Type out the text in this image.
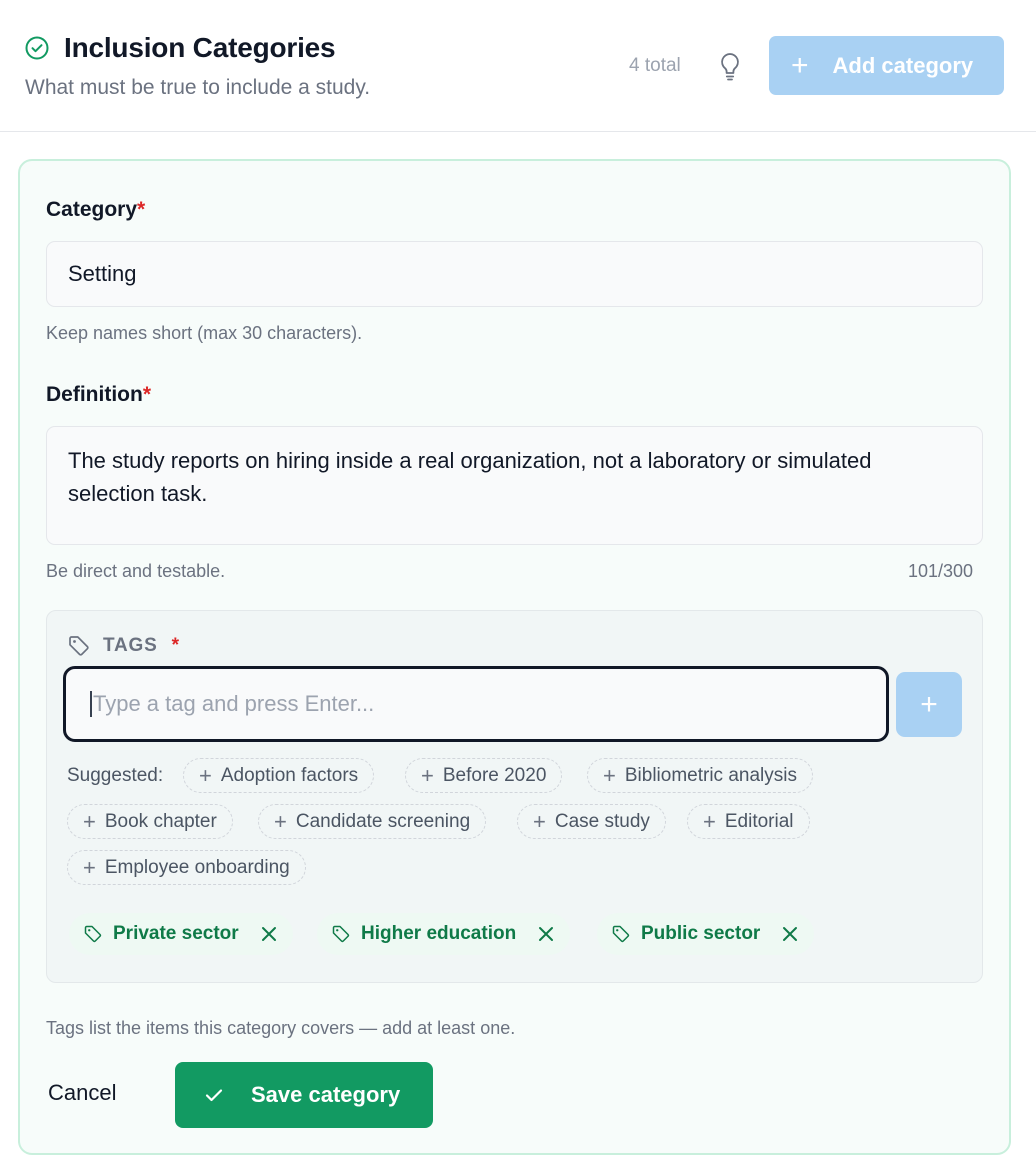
Inclusion Categories
What must be true to include a study.
4 total	+ Add category
Category*
Setting
Keep names short (max 30 characters).
Definition*
The study reports on hiring inside a real organization, not a laboratory or simulated selection task.
Be direct and testable.	101/300
TAGS *
Type a tag and press Enter...	+
Suggested: + Adoption factors	+ Before 2020	+ Bibliometric analysis
+ Book chapter	+ Candidate screening	+ Case study + Editorial
+ Employee onboarding
Private sector	Higher education	Public sector
Tags list the items this category covers — add at least one.
Cancel	Save category
